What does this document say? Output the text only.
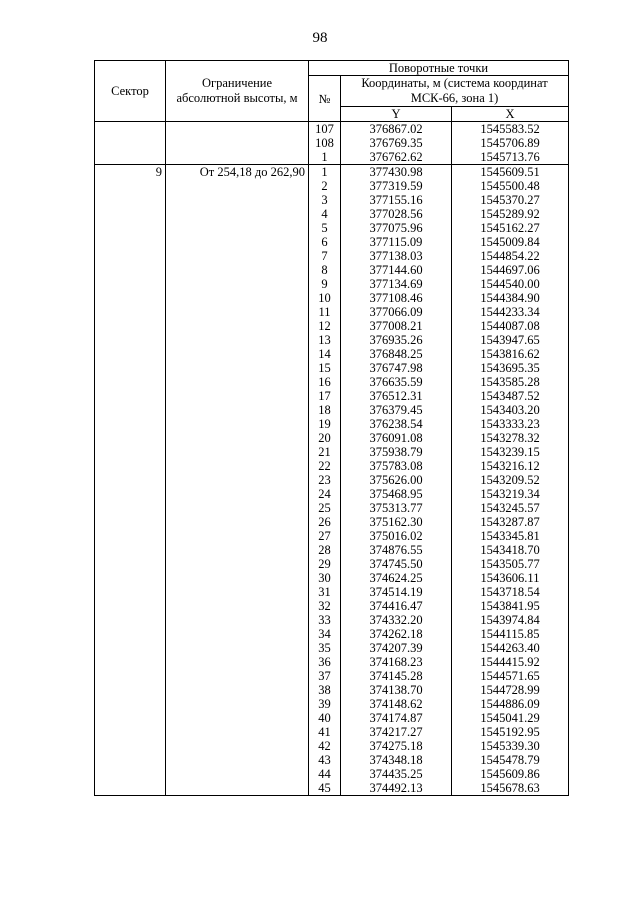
98
Сектор	Ограничение абсолютной высоты, м	Поворотные точки		
		№	Координаты, м (система координат МСК-66, зона 1)	
			Y	X
		107	376867.02	1545583.52
		108	376769.35	1545706.89
		1	376762.62	1545713.76
9	От 254,18 до 262,90	1	377430.98	1545609.51
		2	377319.59	1545500.48
		3	377155.16	1545370.27
		4	377028.56	1545289.92
		5	377075.96	1545162.27
		6	377115.09	1545009.84
		7	377138.03	1544854.22
		8	377144.60	1544697.06
		9	377134.69	1544540.00
		10	377108.46	1544384.90
		11	377066.09	1544233.34
		12	377008.21	1544087.08
		13	376935.26	1543947.65
		14	376848.25	1543816.62
		15	376747.98	1543695.35
		16	376635.59	1543585.28
		17	376512.31	1543487.52
		18	376379.45	1543403.20
		19	376238.54	1543333.23
		20	376091.08	1543278.32
		21	375938.79	1543239.15
		22	375783.08	1543216.12
		23	375626.00	1543209.52
		24	375468.95	1543219.34
		25	375313.77	1543245.57
		26	375162.30	1543287.87
		27	375016.02	1543345.81
		28	374876.55	1543418.70
		29	374745.50	1543505.77
		30	374624.25	1543606.11
		31	374514.19	1543718.54
		32	374416.47	1543841.95
		33	374332.20	1543974.84
		34	374262.18	1544115.85
		35	374207.39	1544263.40
		36	374168.23	1544415.92
		37	374145.28	1544571.65
		38	374138.70	1544728.99
		39	374148.62	1544886.09
		40	374174.87	1545041.29
		41	374217.27	1545192.95
		42	374275.18	1545339.30
		43	374348.18	1545478.79
		44	374435.25	1545609.86
		45	374492.13	1545678.63
